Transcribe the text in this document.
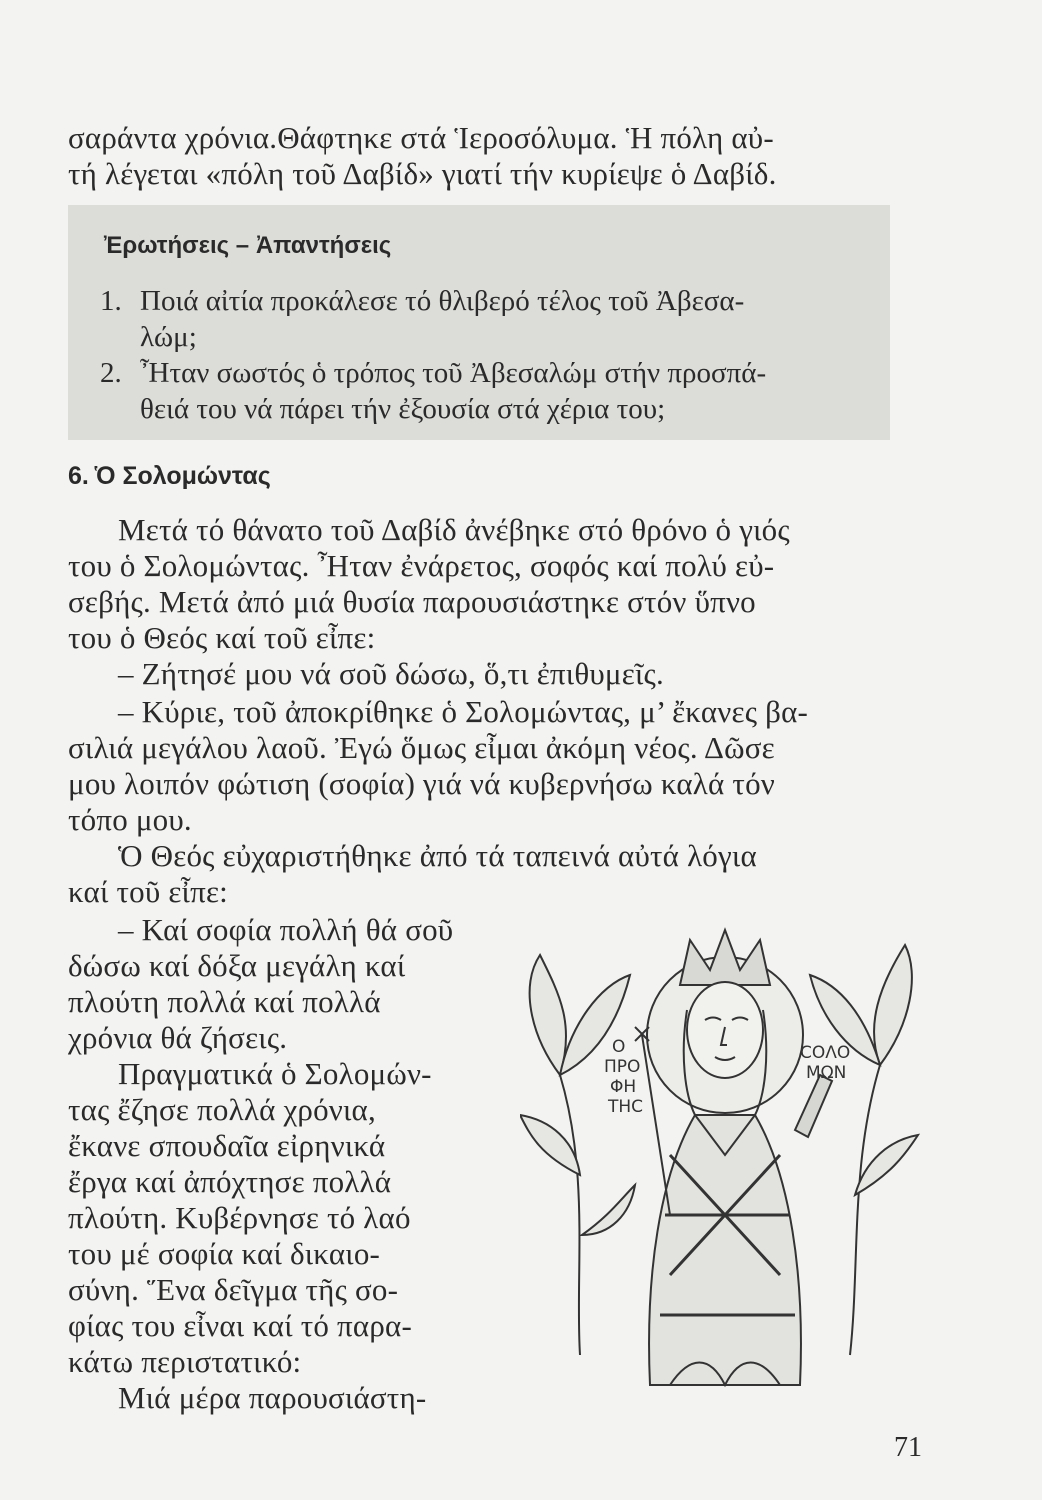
σαράντα χρόνια.Θάφτηκε στά Ἱεροσόλυμα. Ἡ πόλη αὐ-
τή λέγεται «πόλη τοῦ Δαβίδ» γιατί τήν κυρίεψε ὁ Δαβίδ.
Ἐρωτήσεις – Ἀπαντήσεις
1. Ποιά αἰτία προκάλεσε τό θλιβερό τέλος τοῦ Ἀβεσα-
λώμ;
2. Ἦταν σωστός ὁ τρόπος τοῦ Ἀβεσαλώμ στήν προσπά-
θειά του νά πάρει τήν ἐξουσία στά χέρια του;
6. Ὁ Σολομώντας
Μετά τό θάνατο τοῦ Δαβίδ ἀνέβηκε στό θρόνο ὁ γιός
του ὁ Σολομώντας. Ἦταν ἐνάρετος, σοφός καί πολύ εὐ-
σεβής. Μετά ἀπό μιά θυσία παρουσιάστηκε στόν ὕπνο
του ὁ Θεός καί τοῦ εἶπε:
– Ζήτησέ μου νά σοῦ δώσω, ὅ,τι ἐπιθυμεῖς.
– Κύριε, τοῦ ἀποκρίθηκε ὁ Σολομώντας, μ’ ἔκανες βα-
σιλιά μεγάλου λαοῦ. Ἐγώ ὅμως εἶμαι ἀκόμη νέος. Δῶσε
μου λοιπόν φώτιση (σοφία) γιά νά κυβερνήσω καλά τόν
τόπο μου.
Ὁ Θεός εὐχαριστήθηκε ἀπό τά ταπεινά αὐτά λόγια
καί τοῦ εἶπε:
– Καί σοφία πολλή θά σοῦ
δώσω καί δόξα μεγάλη καί
πλούτη πολλά καί πολλά
χρόνια θά ζήσεις.
Πραγματικά ὁ Σολομών-
τας ἔζησε πολλά χρόνια,
ἔκανε σπουδαῖα εἰρηνικά
ἔργα καί ἀπόχτησε πολλά
πλούτη. Κυβέρνησε τό λαό
του μέ σοφία καί δικαιο-
σύνη. Ἕνα δεῖγμα τῆς σο-
φίας του εἶναι καί τό παρα-
κάτω περιστατικό:
Μιά μέρα παρουσιάστη-
Ο
ΠΡΟ
ΦΗ
ΤΗϹ
ϹΟΛΟ
ΜΩΝ
71
